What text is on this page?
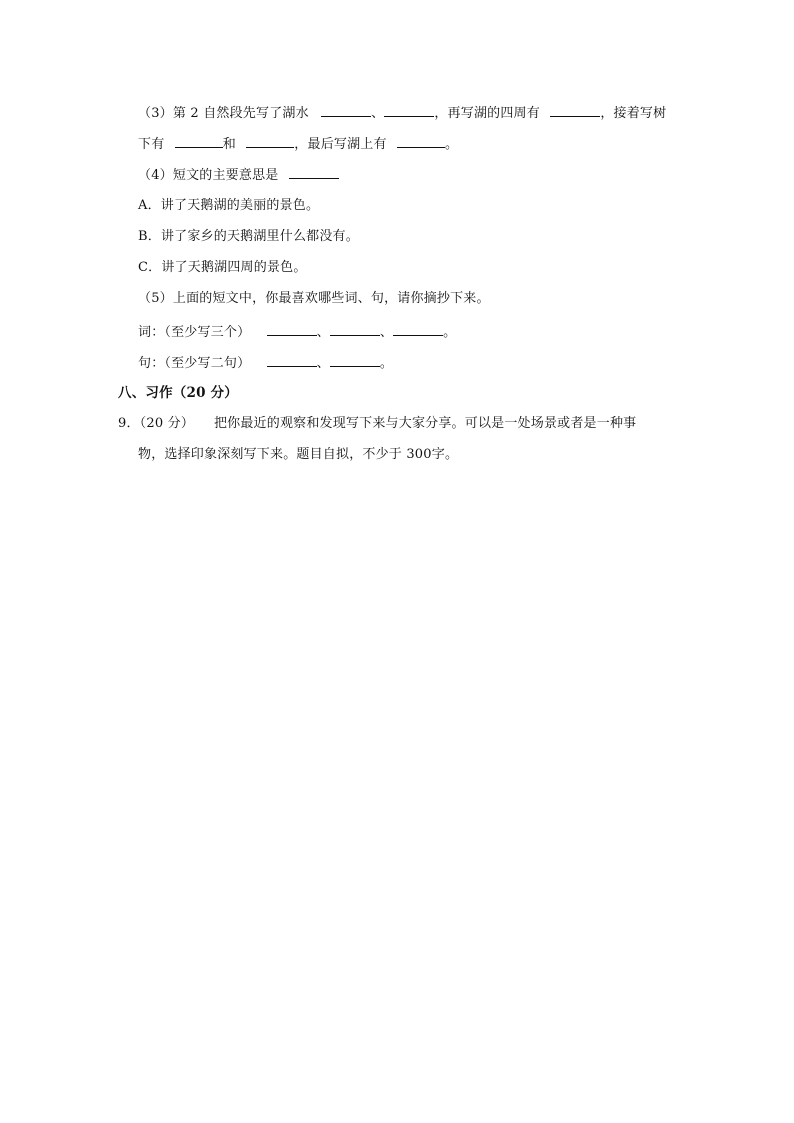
（3）第 2 自然段先写了湖水	、	，再写湖的四周有	，接着写树
下有	和	，最后写湖上有	。
（4）短文的主要意思是
A．讲了天鹅湖的美丽的景色。
B．讲了家乡的天鹅湖里什么都没有。
C．讲了天鹅湖四周的景色。
（5）上面的短文中，你最喜欢哪些词、句，请你摘抄下来。
词：（至少写三个）	、	、	。
句：（至少写二句）	、	。
八、习作（20 分）
9．（20 分）　　把你最近的观察和发现写下来与大家分享。可以是一处场景或者是一种事
物，选择印象深刻写下来。题目自拟，不少于 300字。
